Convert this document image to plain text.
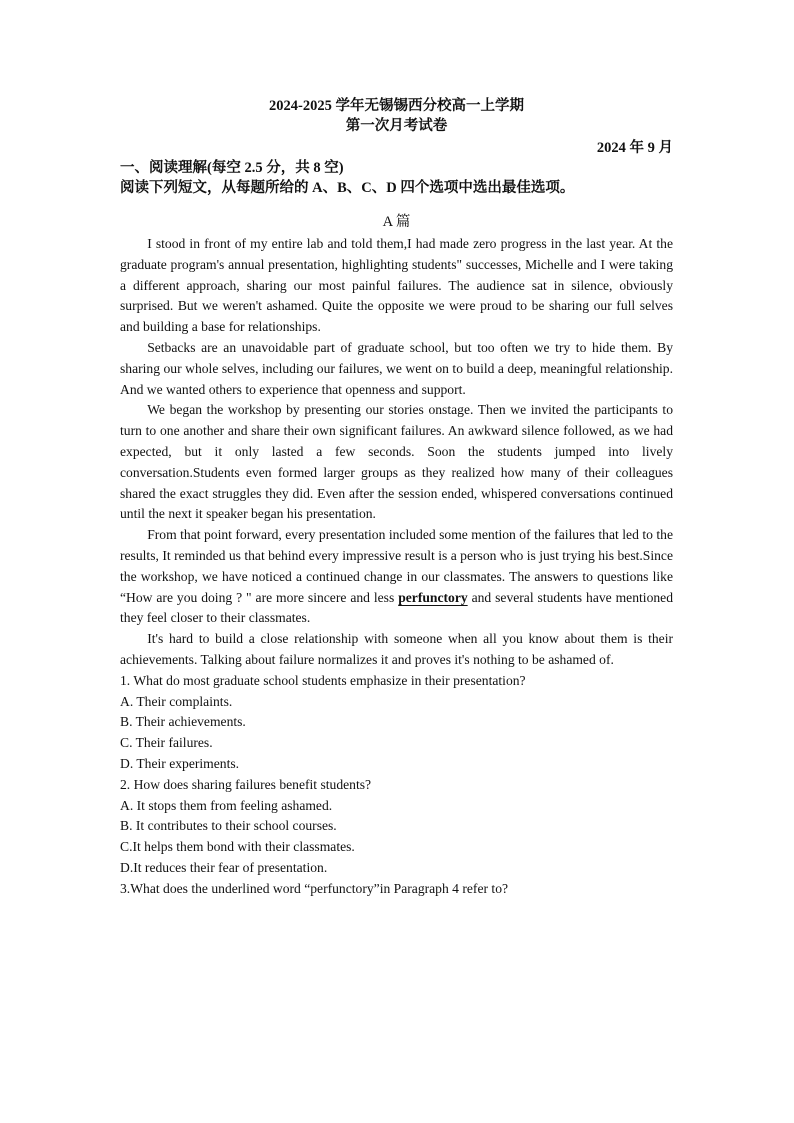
2024-2025 学年无锡锡西分校高一上学期
第一次月考试卷
2024 年 9 月
一、阅读理解(每空 2.5 分，共 8 空)
阅读下列短文，从每题所给的 A、B、C、D 四个选项中选出最佳选项。
A 篇

I stood in front of my entire lab and told them,I had made zero progress in the last year. At the graduate program's annual presentation, highlighting students" successes, Michelle and I were taking a different approach, sharing our most painful failures. The audience sat in silence, obviously surprised. But we weren't ashamed. Quite the opposite we were proud to be sharing our full selves and building a base for relationships.

Setbacks are an unavoidable part of graduate school, but too often we try to hide them. By sharing our whole selves, including our failures, we went on to build a deep, meaningful relationship. And we wanted others to experience that openness and support.

We began the workshop by presenting our stories onstage. Then we invited the participants to turn to one another and share their own significant failures. An awkward silence followed, as we had expected, but it only lasted a few seconds. Soon the students jumped into lively conversation.Students even formed larger groups as they realized how many of their colleagues shared the exact struggles they did. Even after the session ended, whispered conversations continued until the next it speaker began his presentation.

From that point forward, every presentation included some mention of the failures that led to the results, It reminded us that behind every impressive result is a person who is just trying his best.Since the workshop, we have noticed a continued change in our classmates. The answers to questions like “How are you doing ? " are more sincere and less perfunctory and several students have mentioned they feel closer to their classmates.

It's hard to build a close relationship with someone when all you know about them is their achievements. Talking about failure normalizes it and proves it's nothing to be ashamed of.

1. What do most graduate school students emphasize in their presentation?

A. Their complaints.

B. Their achievements.

C. Their failures.

D. Their experiments.

2. How does sharing failures benefit students?

A. It stops them from feeling ashamed.

B. It contributes to their school courses.

C.It helps them bond with their classmates.

D.It reduces their fear of presentation.

3.What does the underlined word “perfunctory”in Paragraph 4 refer to?
